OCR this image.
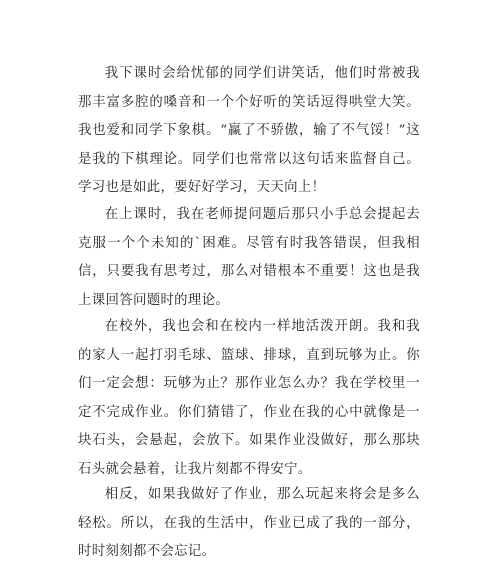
我下课时会给忧郁的同学们讲笑话，他们时常被我那丰富多腔的嗓音和一个个好听的笑话逗得哄堂大笑。我也爱和同学下象棋。“赢了不骄傲，输了不气馁！”这是我的下棋理论。同学们也常常以这句话来监督自己。学习也是如此，要好好学习，天天向上！

在上课时，我在老师提问题后那只小手总会提起去克服一个个未知的`困难。尽管有时我答错误，但我相信，只要我有思考过，那么对错根本不重要！这也是我上课回答问题时的理论。

在校外，我也会和在校内一样地活泼开朗。我和我的家人一起打羽毛球、篮球、排球，直到玩够为止。你们一定会想：玩够为止？那作业怎么办？我在学校里一定不完成作业。你们猜错了，作业在我的心中就像是一块石头，会悬起，会放下。如果作业没做好，那么那块石头就会悬着，让我片刻都不得安宁。

相反，如果我做好了作业，那么玩起来将会是多么轻松。所以，在我的生活中，作业已成了我的一部分，时时刻刻都不会忘记。
